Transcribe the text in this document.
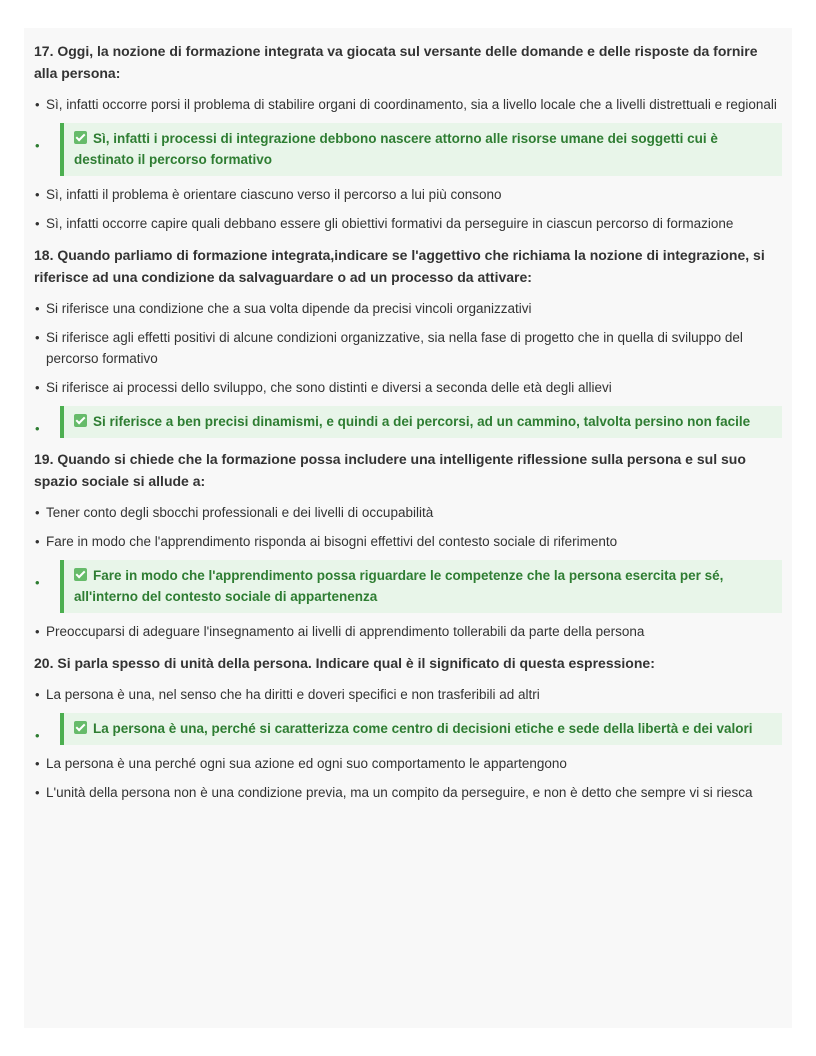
17. Oggi, la nozione di formazione integrata va giocata sul versante delle domande e delle risposte da fornire alla persona:
• Sì, infatti occorre porsi il problema di stabilire organi di coordinamento, sia a livello locale che a livelli distrettuali e regionali
• Sì, infatti i processi di integrazione debbono nascere attorno alle risorse umane dei soggetti cui è destinato il percorso formativo
• Sì, infatti il problema è orientare ciascuno verso il percorso a lui più consono
• Sì, infatti occorre capire quali debbano essere gli obiettivi formativi da perseguire in ciascun percorso di formazione
18. Quando parliamo di formazione integrata,indicare se l'aggettivo che richiama la nozione di integrazione, si riferisce ad una condizione da salvaguardare o ad un processo da attivare:
• Si riferisce una condizione che a sua volta dipende da precisi vincoli organizzativi
• Si riferisce agli effetti positivi di alcune condizioni organizzative, sia nella fase di progetto che in quella di sviluppo del percorso formativo
• Si riferisce ai processi dello sviluppo, che sono distinti e diversi a seconda delle età degli allievi
• Si riferisce a ben precisi dinamismi, e quindi a dei percorsi, ad un cammino, talvolta persino non facile
19. Quando si chiede che la formazione possa includere una intelligente riflessione sulla persona e sul suo spazio sociale si allude a:
• Tener conto degli sbocchi professionali e dei livelli di occupabilità
• Fare in modo che l'apprendimento risponda ai bisogni effettivi del contesto sociale di riferimento
• Fare in modo che l'apprendimento possa riguardare le competenze che la persona esercita per sé, all'interno del contesto sociale di appartenenza
• Preoccuparsi di adeguare l'insegnamento ai livelli di apprendimento tollerabili da parte della persona
20. Si parla spesso di unità della persona. Indicare qual è il significato di questa espressione:
• La persona è una, nel senso che ha diritti e doveri specifici e non trasferibili ad altri
• La persona è una, perché si caratterizza come centro di decisioni etiche e sede della libertà e dei valori
• La persona è una perché ogni sua azione ed ogni suo comportamento le appartengono
• L'unità della persona non è una condizione previa, ma un compito da perseguire, e non è detto che sempre vi si riesca
